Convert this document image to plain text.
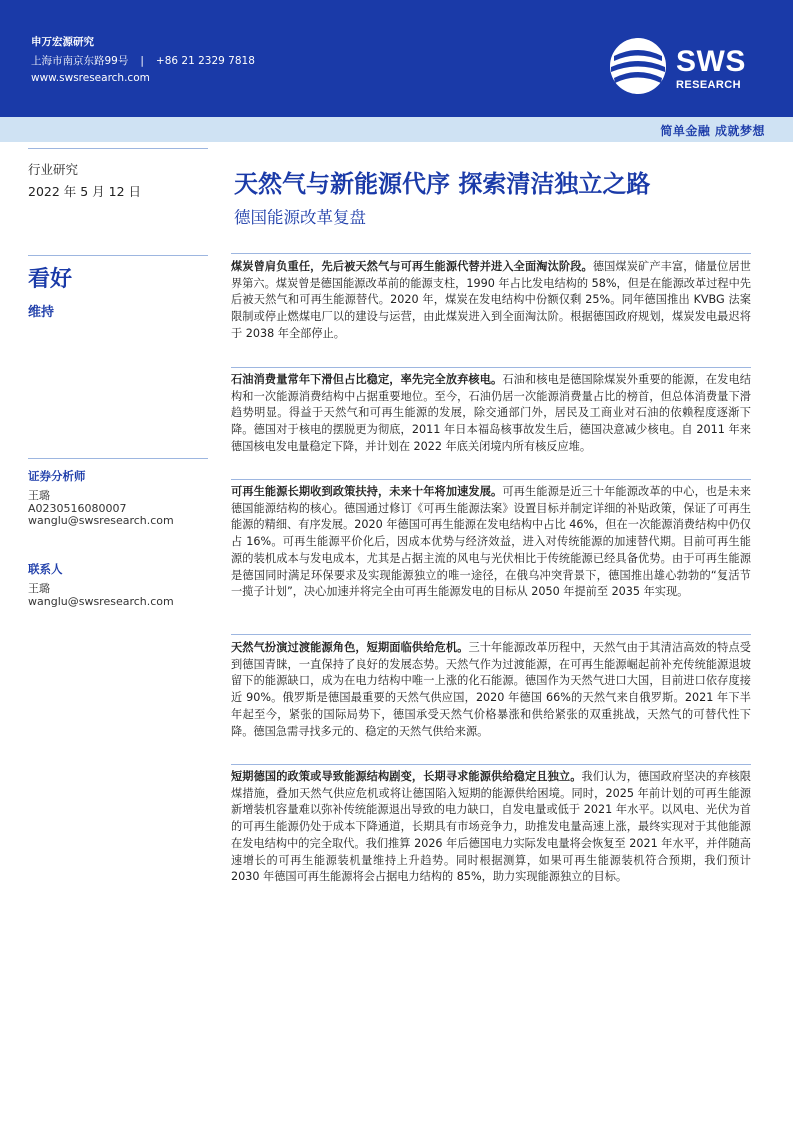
申万宏源研究
上海市南京东路99号 | +86 21 2329 7818
www.swsresearch.com	SWS
RESEARCH
简单金融 成就梦想
行业研究
2022 年 5 月 12 日
看好
维持
证券分析师
王璐
A0230516080007
wanglu@swsresearch.com
联系人
王璐
wanglu@swsresearch.com
天然气与新能源代序 探索清洁独立之路
德国能源改革复盘
煤炭曾肩负重任，先后被天然气与可再生能源代替并进入全面淘汰阶段。德国煤炭矿产丰富，储量位居世界第六。煤炭曾是德国能源改革前的能源支柱，1990 年占比发电结构的 58%，但是在能源改革过程中先后被天然气和可再生能源替代。2020 年，煤炭在发电结构中份额仅剩 25%。同年德国推出 KVBG 法案限制或停止燃煤电厂以的建设与运营，由此煤炭进入到全面淘汰阶。根据德国政府规划，煤炭发电最迟将于 2038 年全部停止。
石油消费量常年下滑但占比稳定，率先完全放弃核电。石油和核电是德国除煤炭外重要的能源，在发电结构和一次能源消费结构中占据重要地位。至今，石油仍居一次能源消费量占比的榜首，但总体消费量下滑趋势明显。得益于天然气和可再生能源的发展，除交通部门外，居民及工商业对石油的依赖程度逐渐下降。德国对于核电的摆脱更为彻底，2011 年日本福岛核事故发生后，德国决意减少核电。自 2011 年来德国核电发电量稳定下降，并计划在 2022 年底关闭境内所有核反应堆。
可再生能源长期收到政策扶持，未来十年将加速发展。可再生能源是近三十年能源改革的中心，也是未来德国能源结构的核心。德国通过修订《可再生能源法案》设置目标并制定详细的补贴政策，保证了可再生能源的精细、有序发展。2020 年德国可再生能源在发电结构中占比 46%，但在一次能源消费结构中仍仅占 16%。可再生能源平价化后，因成本优势与经济效益，进入对传统能源的加速替代期。目前可再生能源的装机成本与发电成本，尤其是占据主流的风电与光伏相比于传统能源已经具备优势。由于可再生能源是德国同时满足环保要求及实现能源独立的唯一途径，在俄乌冲突背景下，德国推出雄心勃勃的“复活节一揽子计划”，决心加速并将完全由可再生能源发电的目标从 2050 年提前至 2035 年实现。
天然气扮演过渡能源角色，短期面临供给危机。三十年能源改革历程中，天然气由于其清洁高效的特点受到德国青睐，一直保持了良好的发展态势。天然气作为过渡能源，在可再生能源崛起前补充传统能源退坡留下的能源缺口，成为在电力结构中唯一上涨的化石能源。德国作为天然气进口大国，目前进口依存度接近 90%。俄罗斯是德国最重要的天然气供应国，2020 年德国 66%的天然气来自俄罗斯。2021 年下半年起至今，紧张的国际局势下，德国承受天然气价格暴涨和供给紧张的双重挑战，天然气的可替代性下降。德国急需寻找多元的、稳定的天然气供给来源。
短期德国的政策或导致能源结构剧变，长期寻求能源供给稳定且独立。我们认为，德国政府坚决的弃核限煤措施，叠加天然气供应危机或将让德国陷入短期的能源供给困境。同时，2025 年前计划的可再生能源新增装机容量难以弥补传统能源退出导致的电力缺口，自发电量或低于 2021 年水平。以风电、光伏为首的可再生能源仍处于成本下降通道，长期具有市场竞争力，助推发电量高速上涨，最终实现对于其他能源在发电结构中的完全取代。我们推算 2026 年后德国电力实际发电量将会恢复至 2021 年水平，并伴随高速增长的可再生能源装机量维持上升趋势。同时根据测算，如果可再生能源装机符合预期，我们预计 2030 年德国可再生能源将会占据电力结构的 85%，助力实现能源独立的目标。
